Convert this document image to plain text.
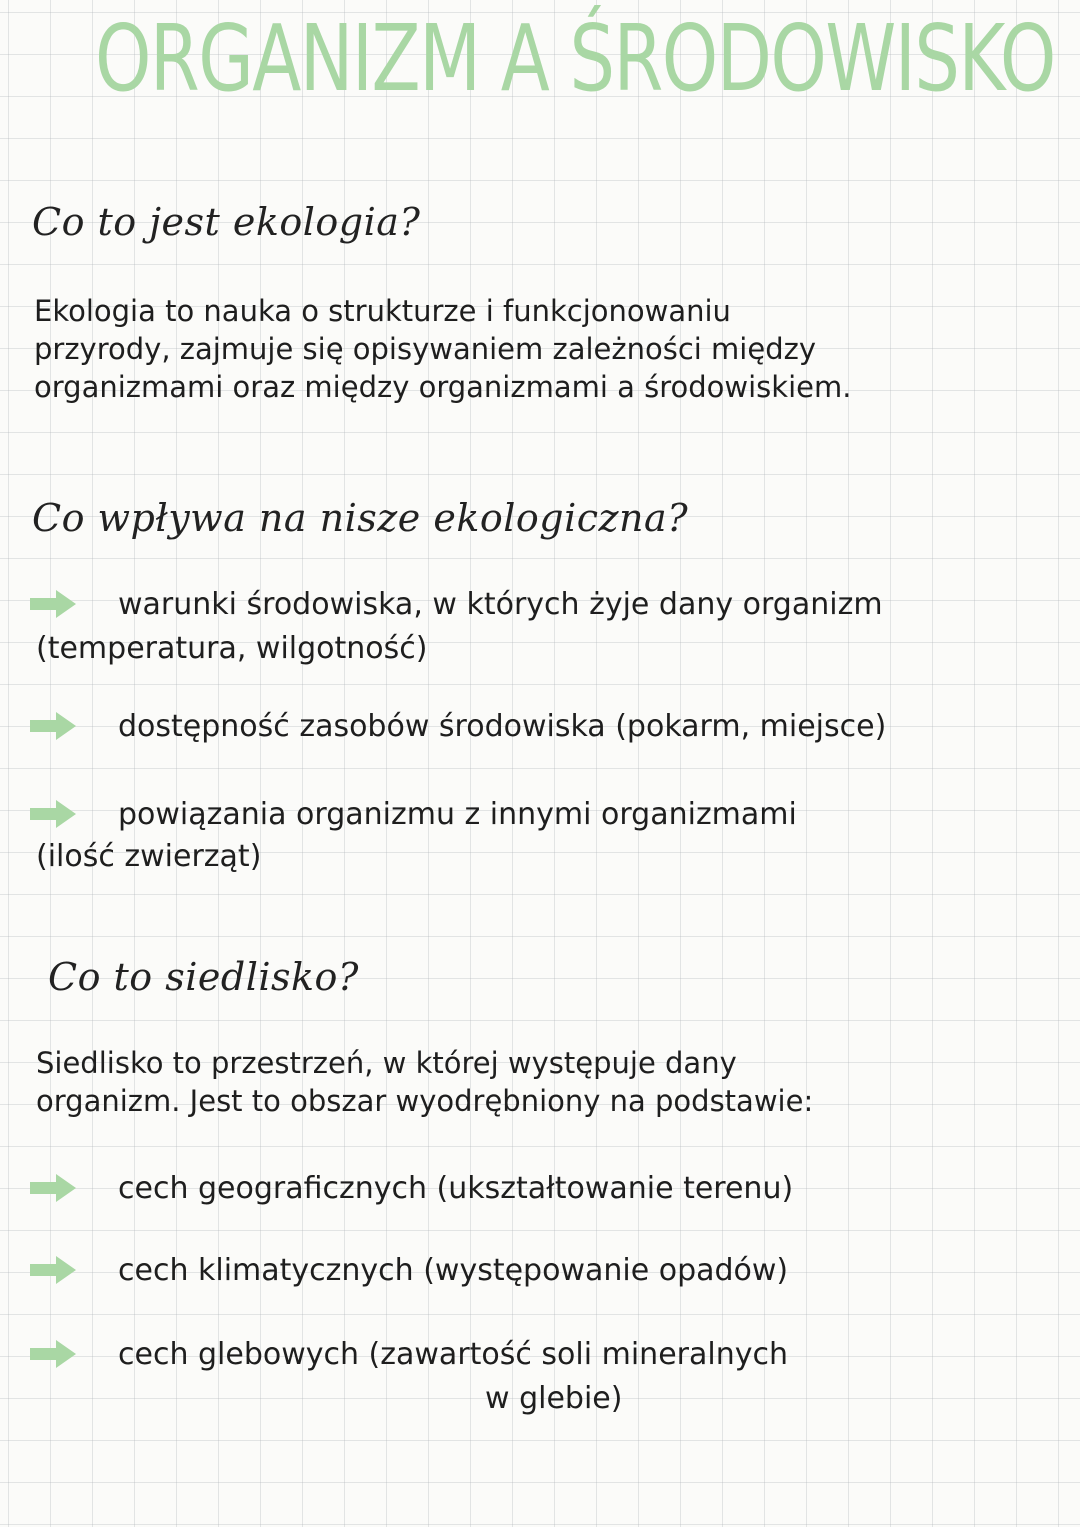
ORGANIZM A ŚRODOWISKO
Co to jest ekologia?
Ekologia to nauka o strukturze i funkcjonowaniu
przyrody, zajmuje się opisywaniem zależności między
organizmami oraz między organizmami a środowiskiem.
Co wpływa na nisze ekologiczna?
warunki środowiska, w których żyje dany organizm
(temperatura, wilgotność)
dostępność zasobów środowiska (pokarm, miejsce)
powiązania organizmu z innymi organizmami
(ilość zwierząt)
Co to siedlisko?
Siedlisko to przestrzeń, w której występuje dany
organizm. Jest to obszar wyodrębniony na podstawie:
cech geograficznych (ukształtowanie terenu)
cech klimatycznych (występowanie opadów)
cech glebowych (zawartość soli mineralnych
w glebie)
